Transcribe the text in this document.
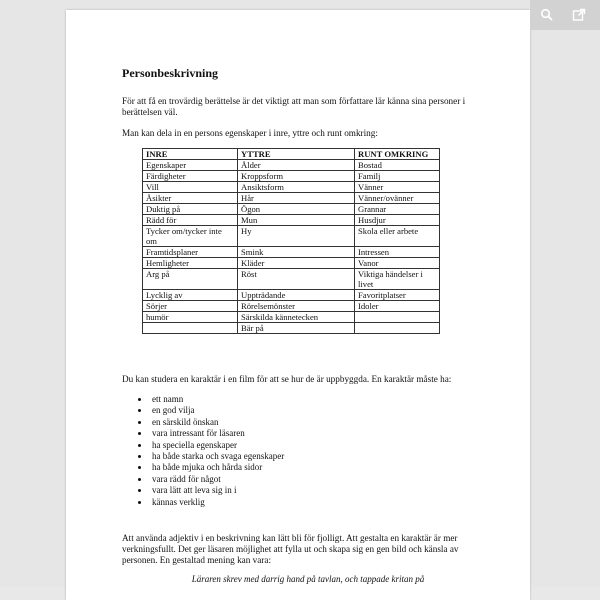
Personbeskrivning
För att få en trovärdig berättelse är det viktigt att man som författare lär känna sina personer i berättelsen väl.
Man kan dela in en persons egenskaper i inre, yttre och runt omkring:
INRE	YTTRE	RUNT OMKRING
Egenskaper	Ålder	Bostad
Färdigheter	Kroppsform	Familj
Vill	Ansiktsform	Vänner
Åsikter	Hår	Vänner/ovänner
Duktig på	Ögon	Grannar
Rädd för	Mun	Husdjur
Tycker om/tycker inte om	Hy	Skola eller arbete
Framtidsplaner	Smink	Intressen
Hemligheter	Kläder	Vanor
Arg på	Röst	Viktiga händelser i livet
Lycklig av	Uppträdande	Favoritplatser
Sörjer	Rörelsemönster	Idoler
humör	Särskilda kännetecken	
	Bär på	
Du kan studera en karaktär i en film för att se hur de är uppbyggda. En karaktär måste ha:
• ett namn
• en god vilja
• en särskild önskan
• vara intressant för läsaren
• ha speciella egenskaper
• ha både starka och svaga egenskaper
• ha både mjuka och hårda sidor
• vara rädd för något
• vara lätt att leva sig in i
• kännas verklig
Att använda adjektiv i en beskrivning kan lätt bli för fjolligt. Att gestalta en karaktär är mer verkningsfullt. Det ger läsaren möjlighet att fylla ut och skapa sig en gen bild och känsla av personen. En gestaltad mening kan vara:
Läraren skrev med darrig hand på tavlan, och tappade kritan på
